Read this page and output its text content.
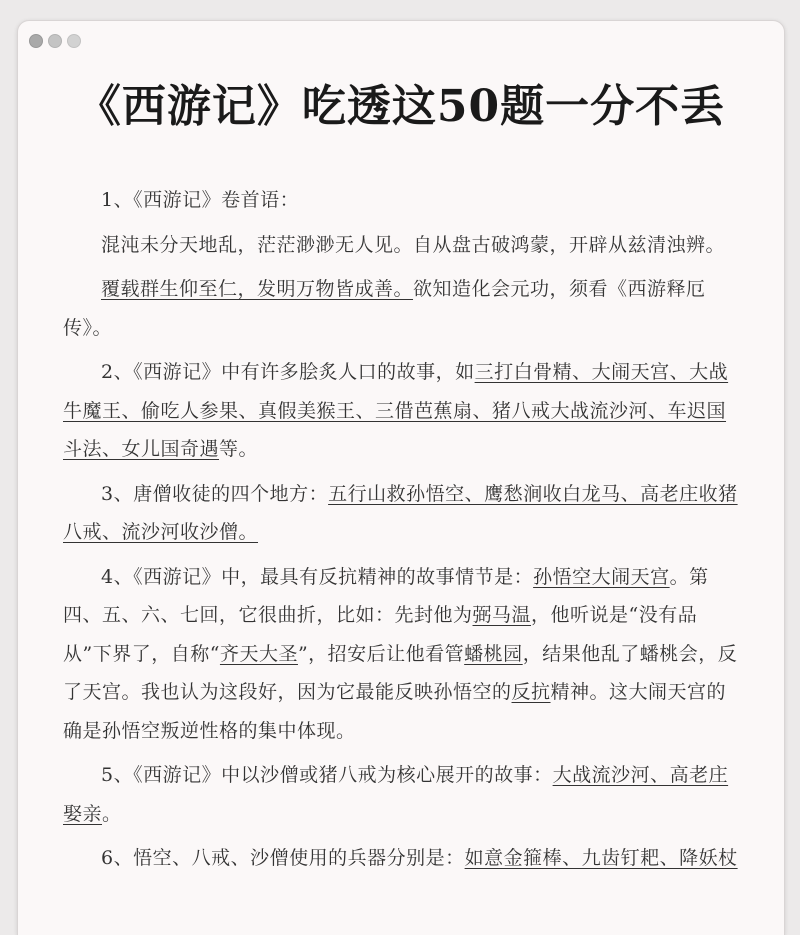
《西游记》吃透这50题一分不丢

1、《西游记》卷首语：

混沌未分天地乱，茫茫渺渺无人见。自从盘古破鸿蒙，开辟从兹清浊辨。

覆载群生仰至仁，发明万物皆成善。欲知造化会元功，须看《西游释厄传》。

2、《西游记》中有许多脍炙人口的故事，如三打白骨精、大闹天宫、大战牛魔王、偷吃人参果、真假美猴王、三借芭蕉扇、猪八戒大战流沙河、车迟国斗法、女儿国奇遇等。

3、唐僧收徒的四个地方：五行山救孙悟空、鹰愁涧收白龙马、高老庄收猪八戒、流沙河收沙僧。

4、《西游记》中，最具有反抗精神的故事情节是：孙悟空大闹天宫。第四、五、六、七回，它很曲折，比如：先封他为弼马温，他听说是“没有品从”下界了，自称“齐天大圣”，招安后让他看管蟠桃园，结果他乱了蟠桃会，反了天宫。我也认为这段好，因为它最能反映孙悟空的反抗精神。这大闹天宫的确是孙悟空叛逆性格的集中体现。

5、《西游记》中以沙僧或猪八戒为核心展开的故事：大战流沙河、高老庄娶亲。

6、悟空、八戒、沙僧使用的兵器分别是：如意金箍棒、九齿钉耙、降妖杖
